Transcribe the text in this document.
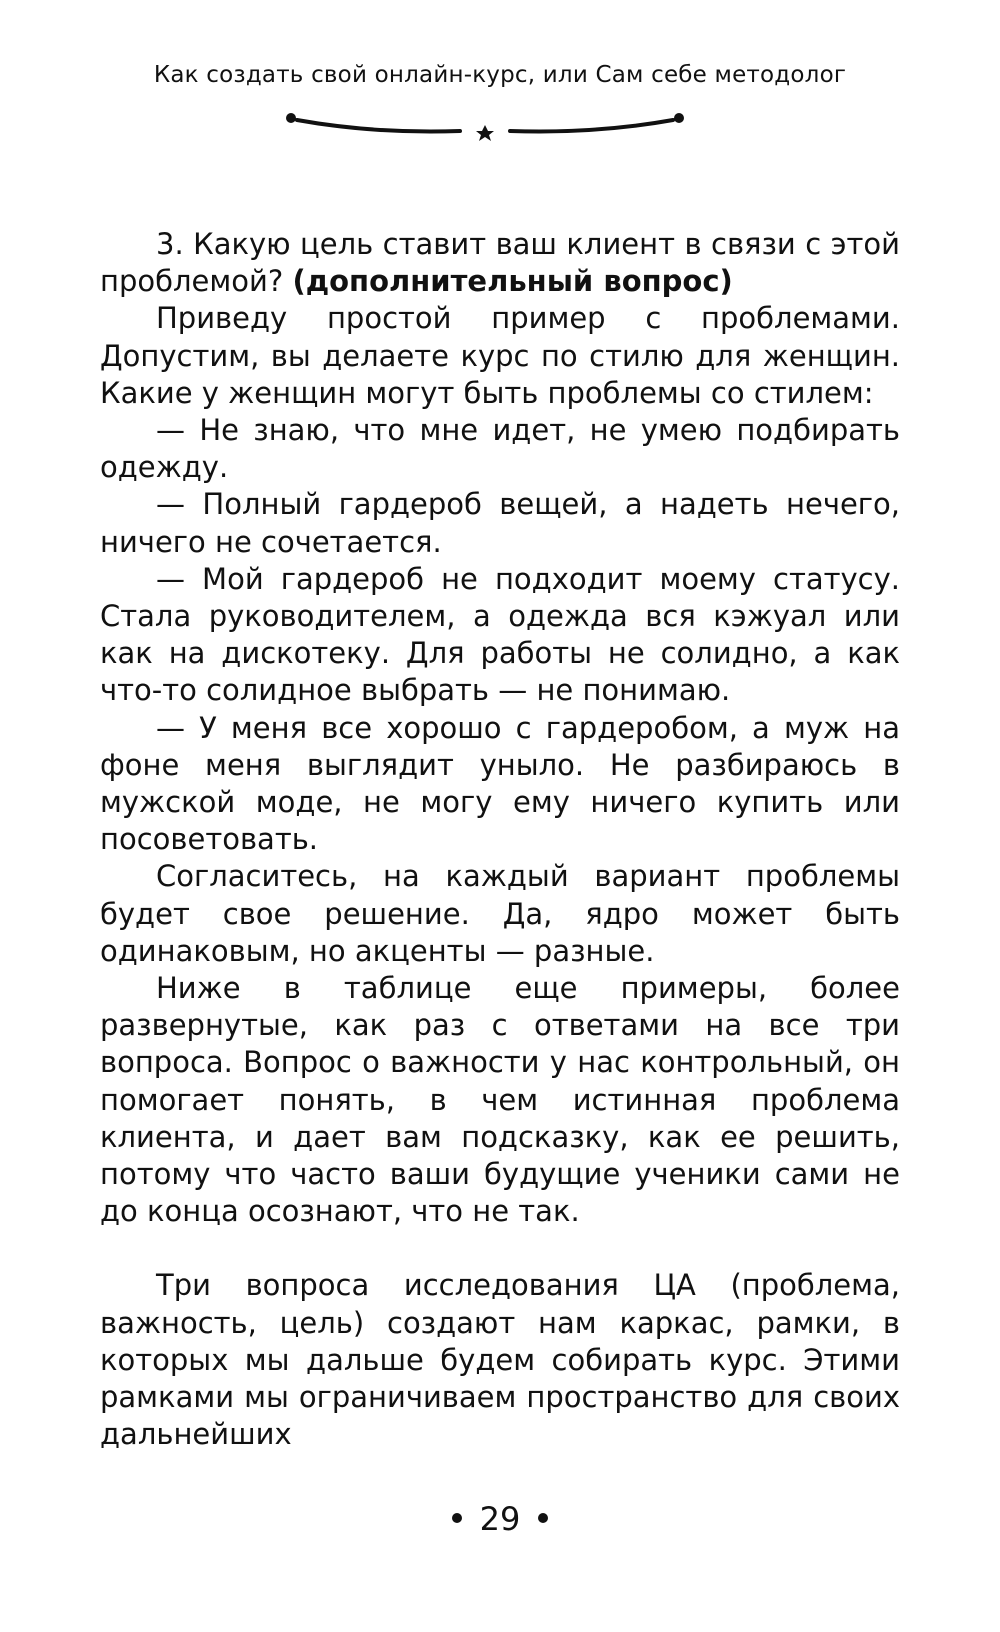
Как создать свой онлайн-курс, или Сам себе методолог

3. Какую цель ставит ваш клиент в связи с этой проблемой? (дополнительный вопрос)

Приведу простой пример с проблемами. Допустим, вы делаете курс по стилю для женщин. Какие у женщин могут быть проблемы со стилем:

— Не знаю, что мне идет, не умею подбирать одежду.

— Полный гардероб вещей, а надеть нечего, ничего не сочетается.

— Мой гардероб не подходит моему статусу. Стала руководителем, а одежда вся кэжуал или как на дискотеку. Для работы не солидно, а как что-то солидное выбрать — не понимаю.

— У меня все хорошо с гардеробом, а муж на фоне меня выглядит уныло. Не разбираюсь в мужской моде, не могу ему ничего купить или посоветовать.

Согласитесь, на каждый вариант проблемы будет свое решение. Да, ядро может быть одинаковым, но акценты — разные.

Ниже в таблице еще примеры, более развернутые, как раз с ответами на все три вопроса. Вопрос о важности у нас контрольный, он помогает понять, в чем истинная проблема клиента, и дает вам подсказку, как ее решить, потому что часто ваши будущие ученики сами не до конца осознают, что не так.

Три вопроса исследования ЦА (проблема, важность, цель) создают нам каркас, рамки, в которых мы дальше будем собирать курс. Этими рамками мы ограничиваем пространство для своих дальнейших

29
